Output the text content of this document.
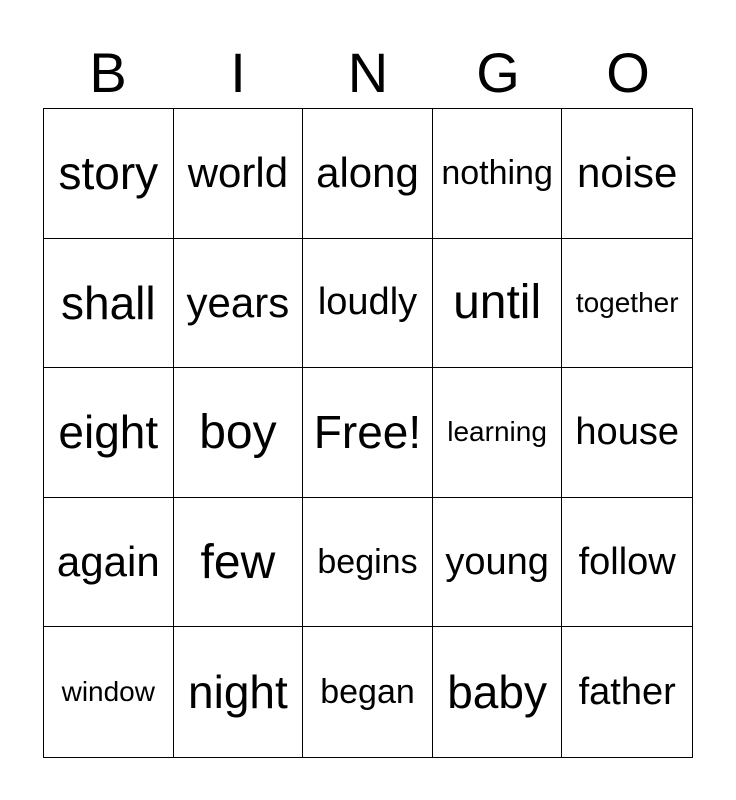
B	I	N	G	O
story world along nothing noise
shall years loudly until	together
eight boy Free! learning house
again few	begins young follow
window night began baby father
